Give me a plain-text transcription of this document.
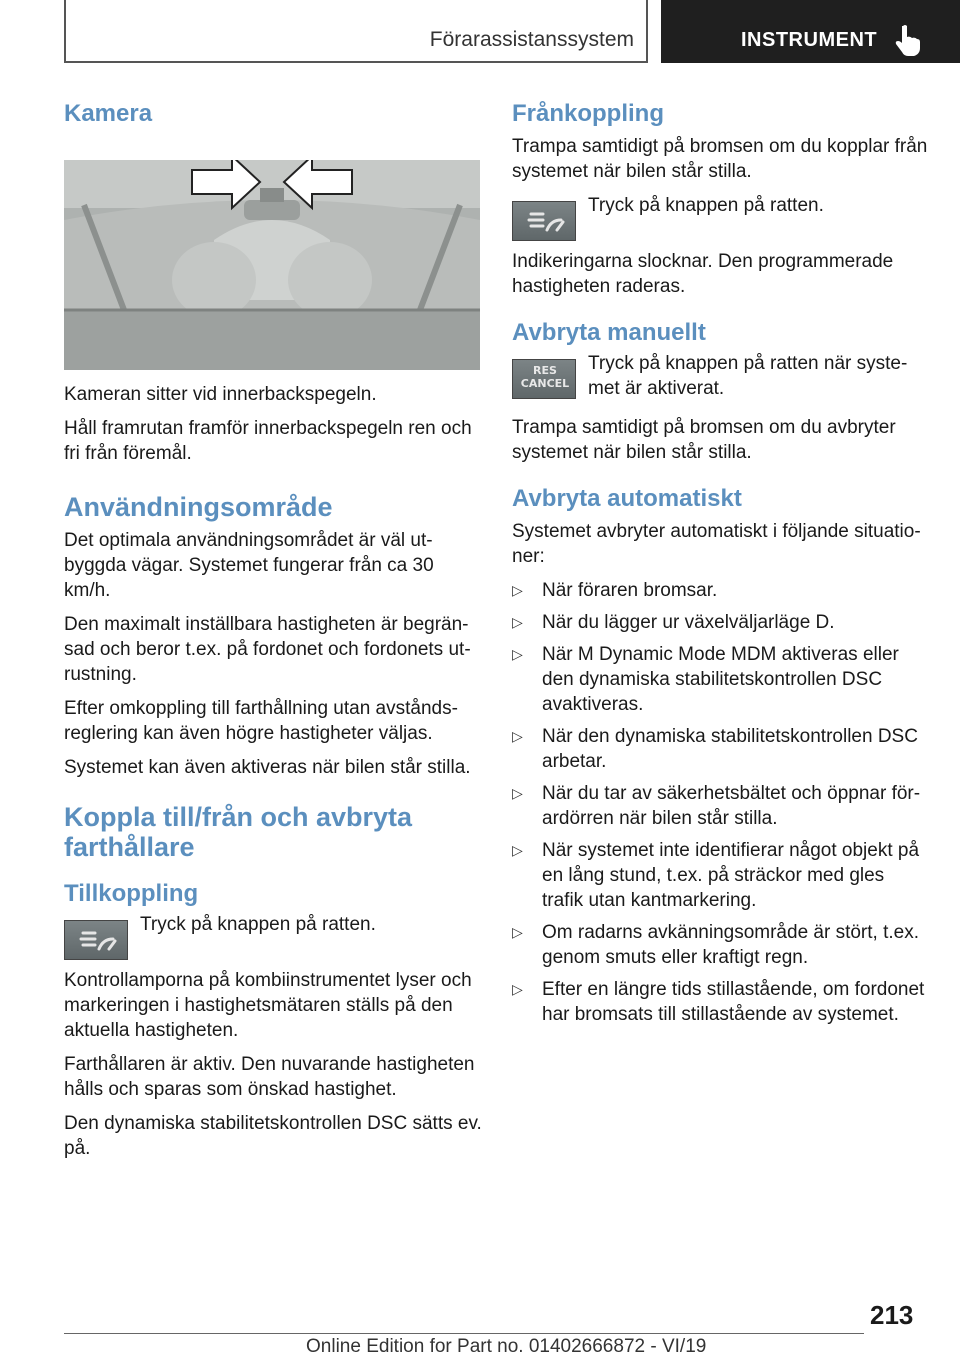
Förarassistanssystem	INSTRUMENT
Kamera

Kameran sitter vid innerbackspegeln.

Håll framrutan framför innerbackspegeln ren och fri från föremål.

Användningsområde

Det optimala användningsområdet är väl utbyggda vägar. Systemet fungerar från ca 30 km/h.

Den maximalt inställbara hastigheten är begränsad och beror t.ex. på fordonet och fordonets utrustning.

Efter omkoppling till farthållning utan avståndsreglering kan även högre hastigheter väljas.

Systemet kan även aktiveras när bilen står stilla.

Koppla till/från och avbryta farthållare
Tillkoppling
Tryck på knappen på ratten.

Kontrollamporna på kombiinstrumentet lyser och markeringen i hastighetsmätaren ställs på den aktuella hastigheten.

Farthållaren är aktiv. Den nuvarande hastigheten hålls och sparas som önskad hastighet.

Den dynamiska stabilitetskontrollen DSC sätts ev. på.

Frånkoppling

Trampa samtidigt på bromsen om du kopplar från systemet när bilen står stilla.

Tryck på knappen på ratten.

Indikeringarna slocknar. Den programmerade hastigheten raderas.

Avbryta manuellt
RES
CANCEL
Tryck på knappen på ratten när systemet är aktiverat.

Trampa samtidigt på bromsen om du avbryter systemet när bilen står stilla.

Avbryta automatiskt

Systemet avbryter automatiskt i följande situationer:

▷ När föraren bromsar.
▷ När du lägger ur växelväljarläge D.
▷ När M Dynamic Mode MDM aktiveras eller den dynamiska stabilitetskontrollen DSC avaktiveras.
▷ När den dynamiska stabilitetskontrollen DSC arbetar.
▷ När du tar av säkerhetsbältet och öppnar förardörren när bilen står stilla.
▷ När systemet inte identifierar något objekt på en lång stund, t.ex. på sträckor med gles trafik utan kantmarkering.
▷ Om radarns avkänningsområde är stört, t.ex. genom smuts eller kraftigt regn.
▷ Efter en längre tids stillastående, om fordonet har bromsats till stillastående av systemet.
213
Online Edition for Part no. 01402666872 - VI/19
